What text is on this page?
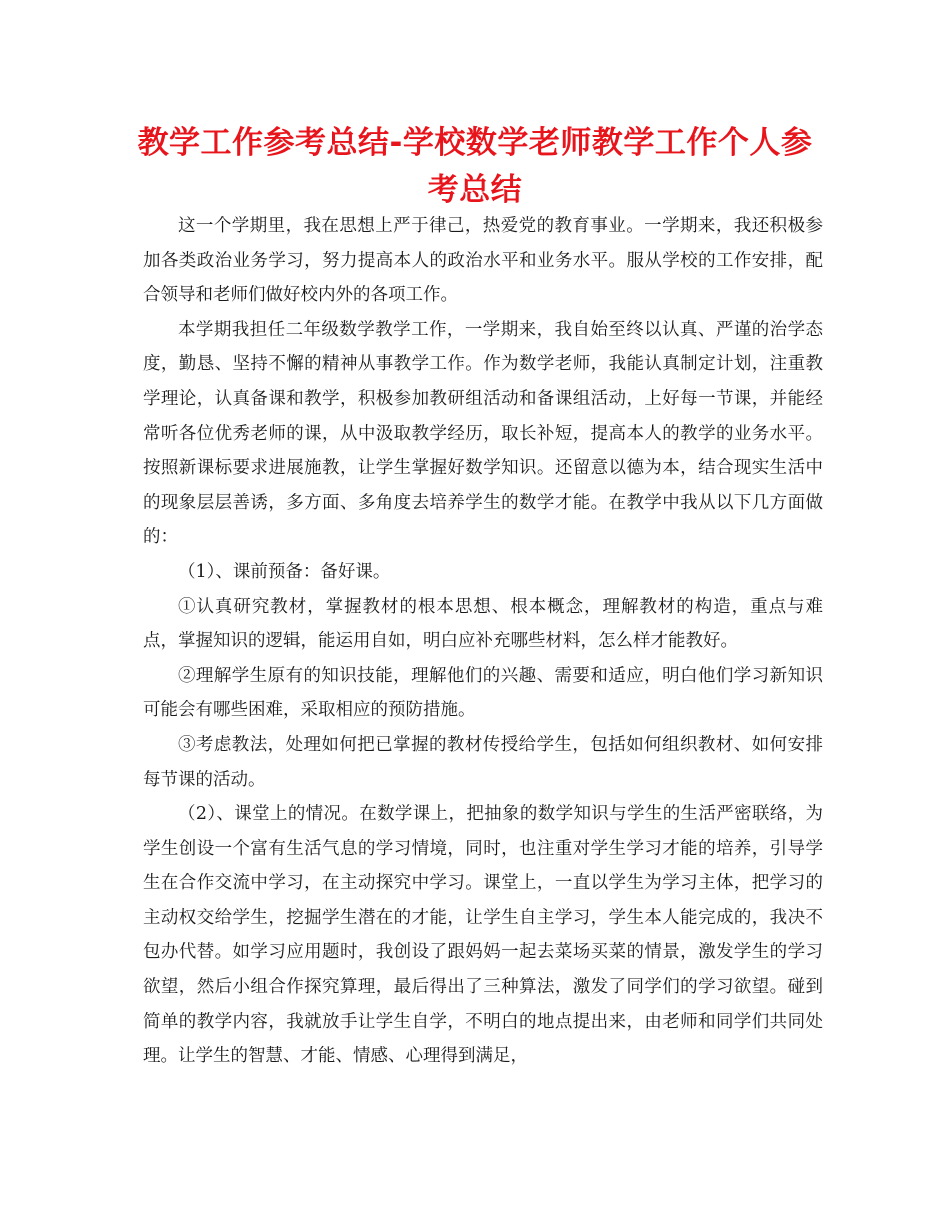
教学工作参考总结-学校数学老师教学工作个人参考总结

这一个学期里，我在思想上严于律己，热爱党的教育事业。一学期来，我还积极参加各类政治业务学习，努力提高本人的政治水平和业务水平。服从学校的工作安排，配合领导和老师们做好校内外的各项工作。

本学期我担任二年级数学教学工作，一学期来，我自始至终以认真、严谨的治学态度，勤恳、坚持不懈的精神从事教学工作。作为数学老师，我能认真制定计划，注重教学理论，认真备课和教学，积极参加教研组活动和备课组活动，上好每一节课，并能经常听各位优秀老师的课，从中汲取教学经历，取长补短，提高本人的教学的业务水平。按照新课标要求进展施教，让学生掌握好数学知识。还留意以德为本，结合现实生活中的现象层层善诱，多方面、多角度去培养学生的数学才能。在教学中我从以下几方面做的：

（1）、课前预备：备好课。

①认真研究教材，掌握教材的根本思想、根本概念，理解教材的构造，重点与难点，掌握知识的逻辑，能运用自如，明白应补充哪些材料，怎么样才能教好。

②理解学生原有的知识技能，理解他们的兴趣、需要和适应，明白他们学习新知识可能会有哪些困难，采取相应的预防措施。

③考虑教法，处理如何把已掌握的教材传授给学生，包括如何组织教材、如何安排每节课的活动。

（2）、课堂上的情况。在数学课上，把抽象的数学知识与学生的生活严密联络，为学生创设一个富有生活气息的学习情境，同时，也注重对学生学习才能的培养，引导学生在合作交流中学习，在主动探究中学习。课堂上，一直以学生为学习主体，把学习的主动权交给学生，挖掘学生潜在的才能，让学生自主学习，学生本人能完成的，我决不包办代替。如学习应用题时，我创设了跟妈妈一起去菜场买菜的情景，激发学生的学习欲望，然后小组合作探究算理，最后得出了三种算法，激发了同学们的学习欲望。碰到简单的教学内容，我就放手让学生自学，不明白的地点提出来，由老师和同学们共同处理。让学生的智慧、才能、情感、心理得到满足，
